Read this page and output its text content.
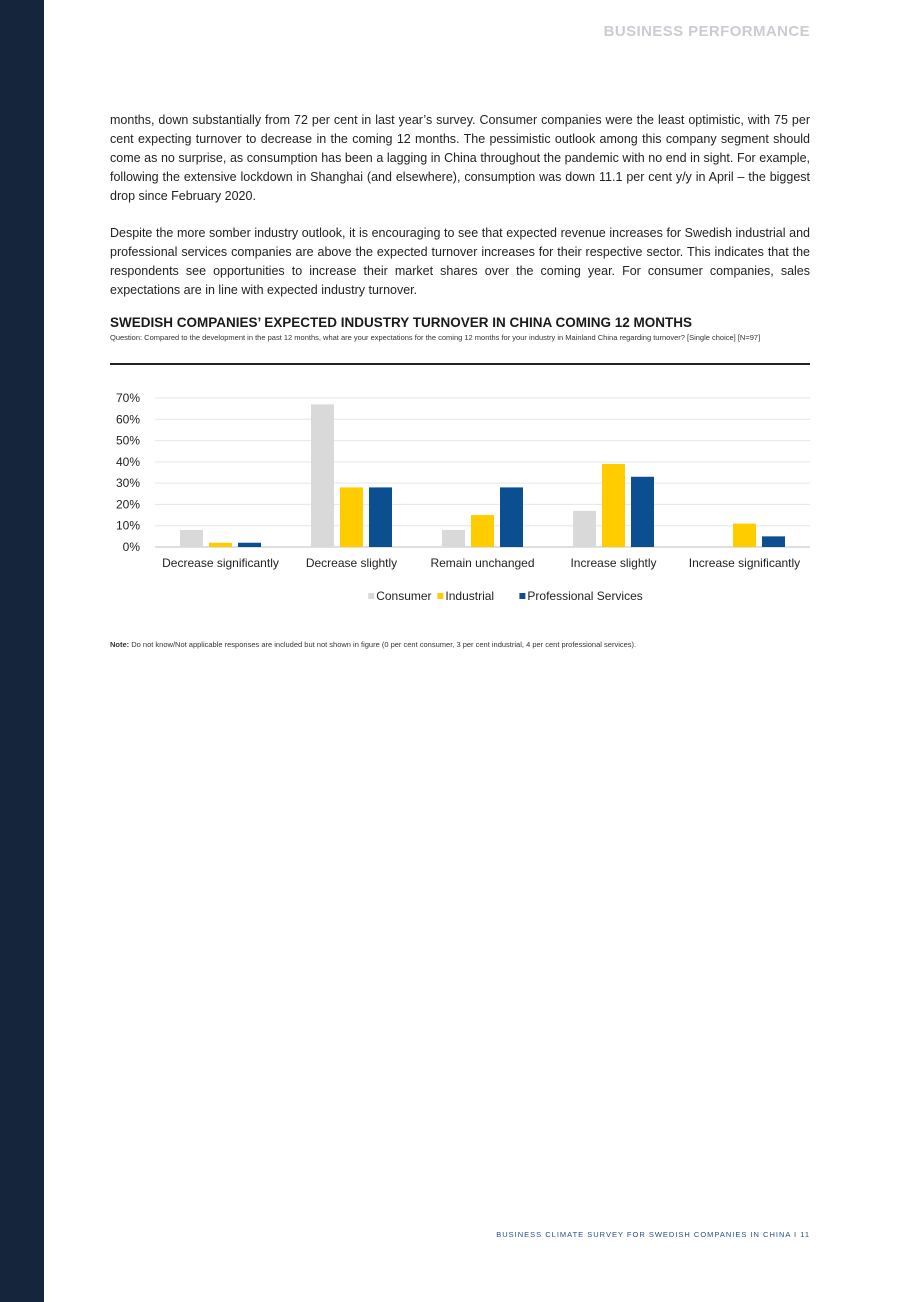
BUSINESS PERFORMANCE

months, down substantially from 72 per cent in last year’s survey. Consumer companies were the least optimistic, with 75 per cent expecting turnover to decrease in the coming 12 months. The pessimistic outlook among this company segment should come as no surprise, as consumption has been a lagging in China throughout the pandemic with no end in sight. For example, following the extensive lockdown in Shanghai (and elsewhere), consumption was down 11.1 per cent y/y in April – the biggest drop since February 2020.

Despite the more somber industry outlook, it is encouraging to see that expected revenue increases for Swedish industrial and professional services companies are above the expected turnover increases for their respective sector. This indicates that the respondents see opportunities to increase their market shares over the coming year. For consumer companies, sales expectations are in line with expected industry turnover.

SWEDISH COMPANIES’ EXPECTED INDUSTRY TURNOVER IN CHINA COMING 12 MONTHS

Question: Compared to the development in the past 12 months, what are your expectations for the coming 12 months for your industry in Mainland China regarding turnover? [Single choice] [N=97]

0%
10%
20%
30%
40%
50%
60%
70%
Decrease significantly Decrease slightly	Remain unchanged	Increase slightly	Increase significantly
Consumer Industrial	Professional Services

Note: Do not know/Not applicable responses are included but not shown in figure (0 per cent consumer, 3 per cent industrial, 4 per cent professional services).

BUSINESS CLIMATE SURVEY FOR SWEDISH COMPANIES IN CHINA I 11
